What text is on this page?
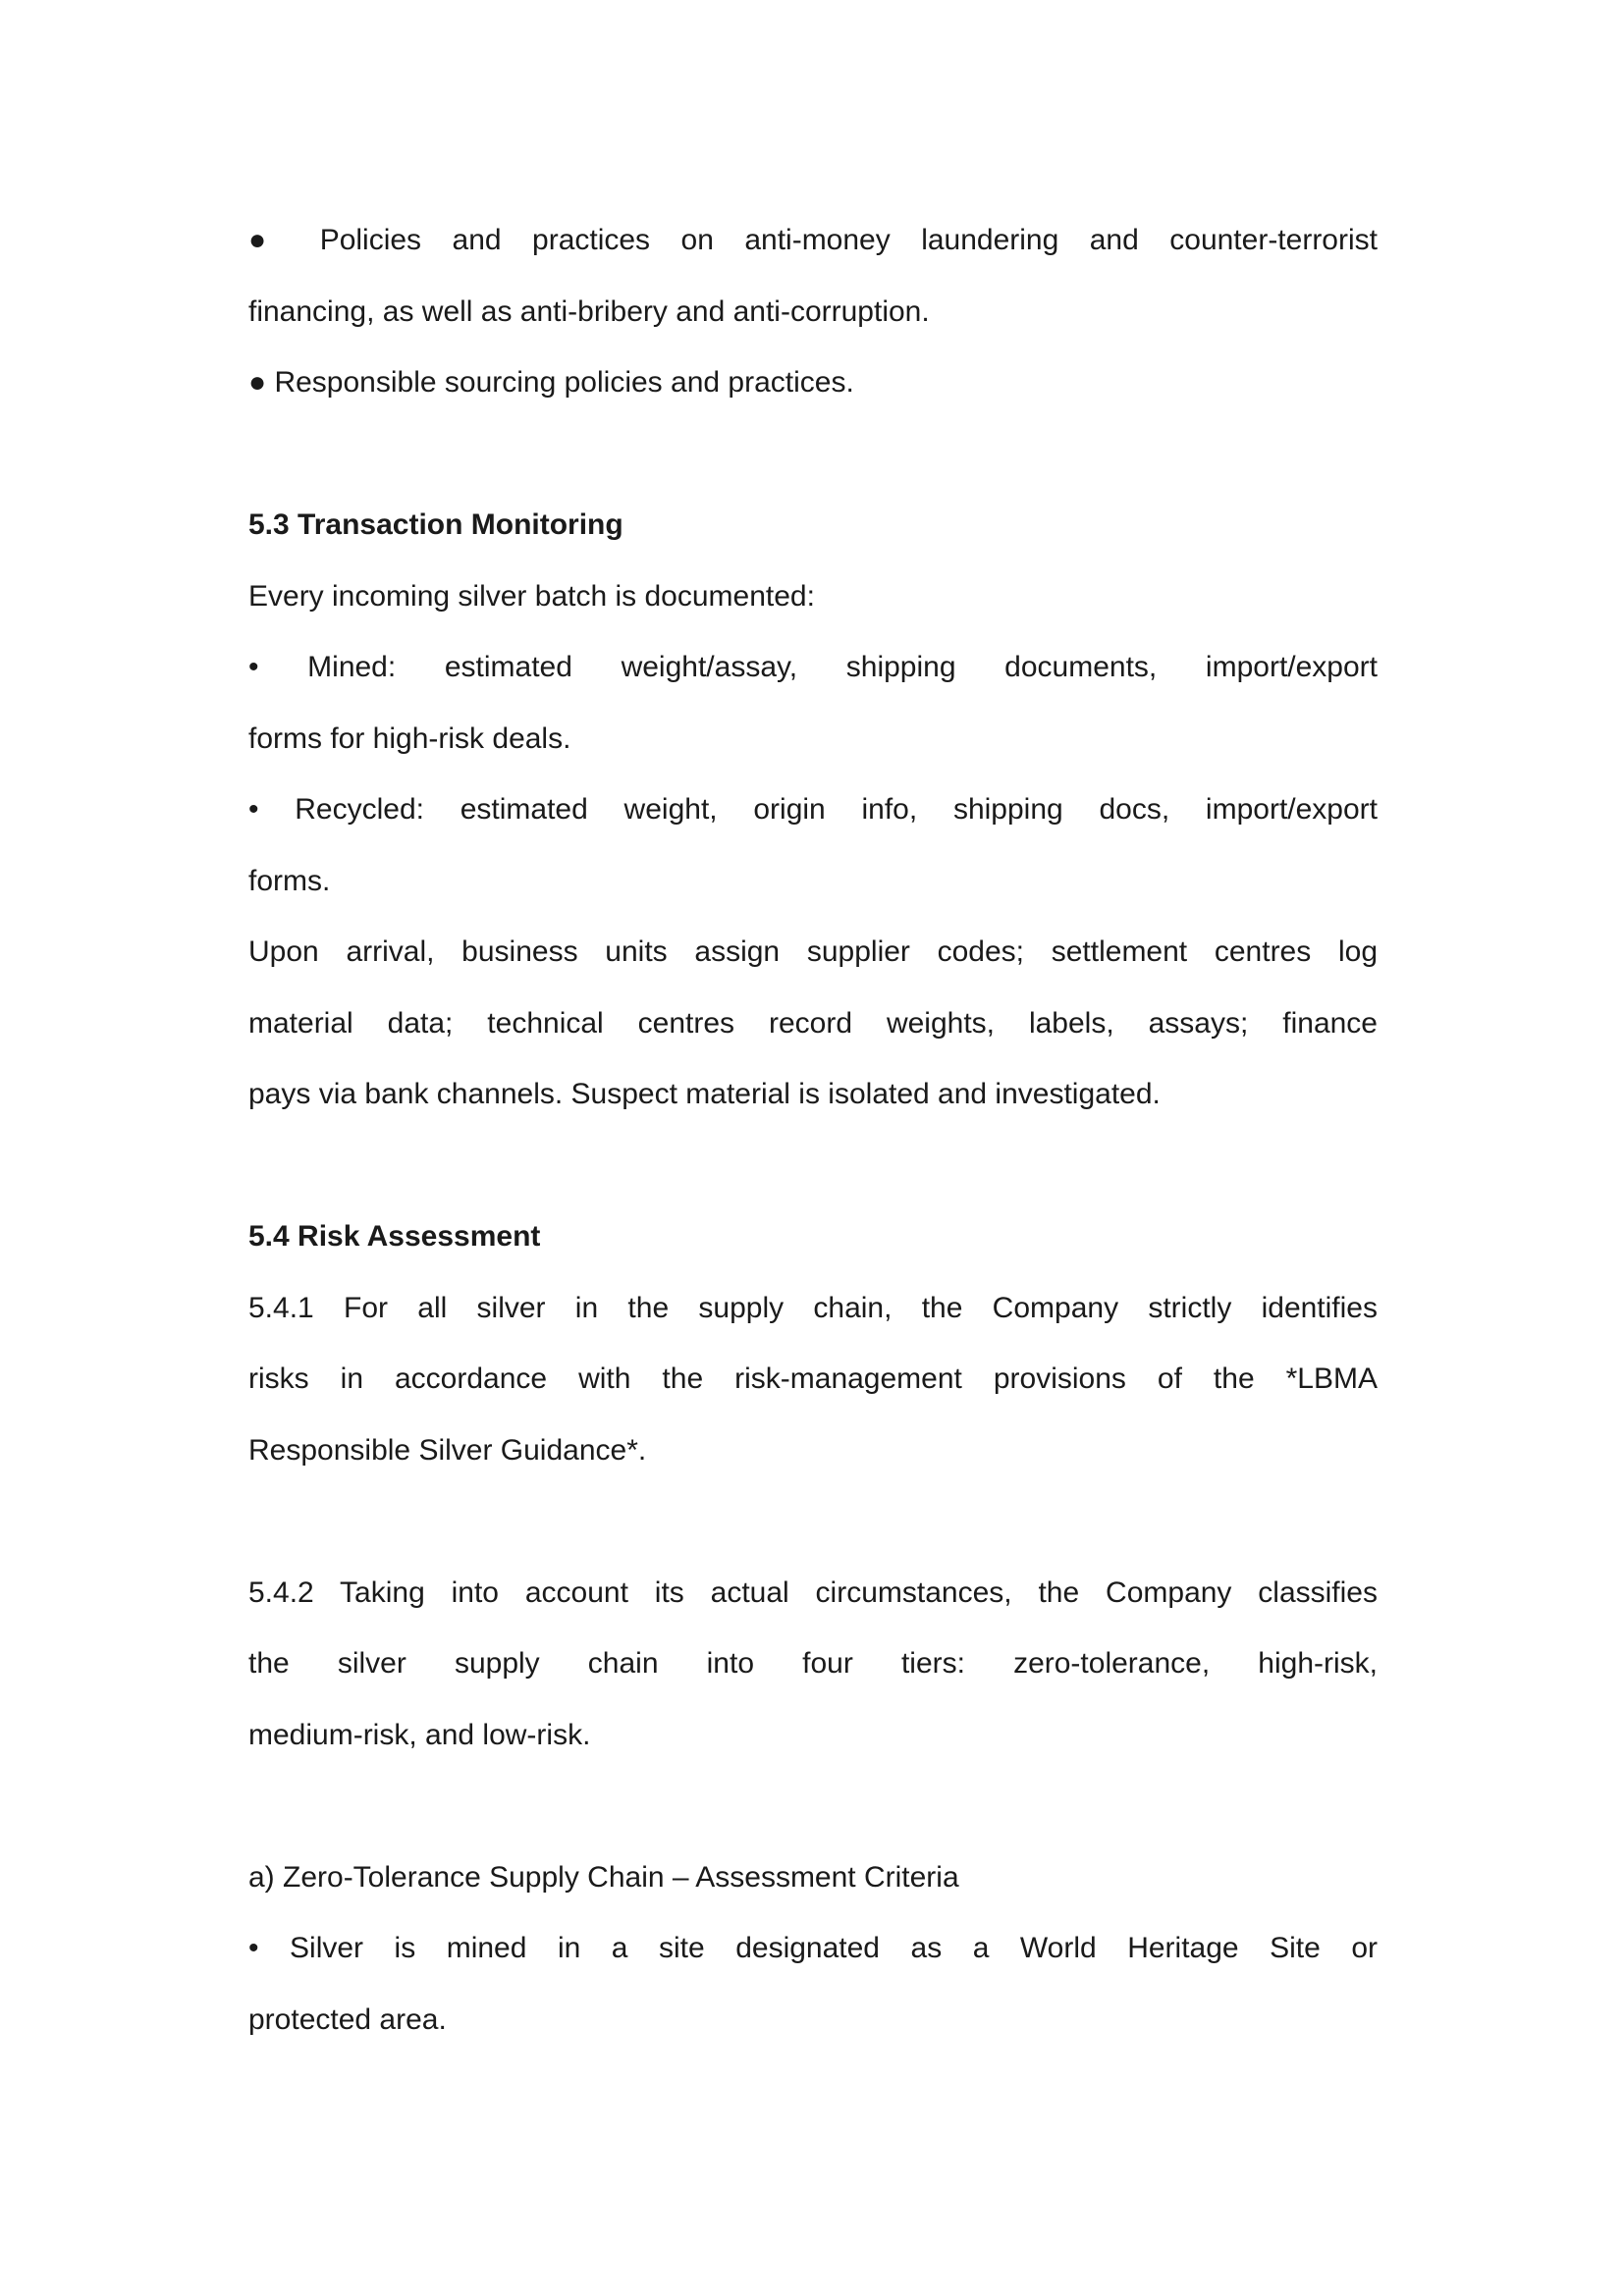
● Policies and practices on anti-money laundering and counter-terrorist
financing, as well as anti-bribery and anti-corruption.
● Responsible sourcing policies and practices.
5.3 Transaction Monitoring
Every incoming silver batch is documented:
• Mined: estimated weight/assay, shipping documents, import/export
forms for high-risk deals.
• Recycled: estimated weight, origin info, shipping docs, import/export
forms.
Upon arrival, business units assign supplier codes; settlement centres log
material data; technical centres record weights, labels, assays; finance
pays via bank channels. Suspect material is isolated and investigated.
5.4 Risk Assessment
5.4.1 For all silver in the supply chain, the Company strictly identifies
risks in accordance with the risk-management provisions of the *LBMA
Responsible Silver Guidance*.
5.4.2 Taking into account its actual circumstances, the Company classifies
the silver supply chain into four tiers: zero-tolerance, high-risk,
medium-risk, and low-risk.
a) Zero-Tolerance Supply Chain – Assessment Criteria
• Silver is mined in a site designated as a World Heritage Site or
protected area.
